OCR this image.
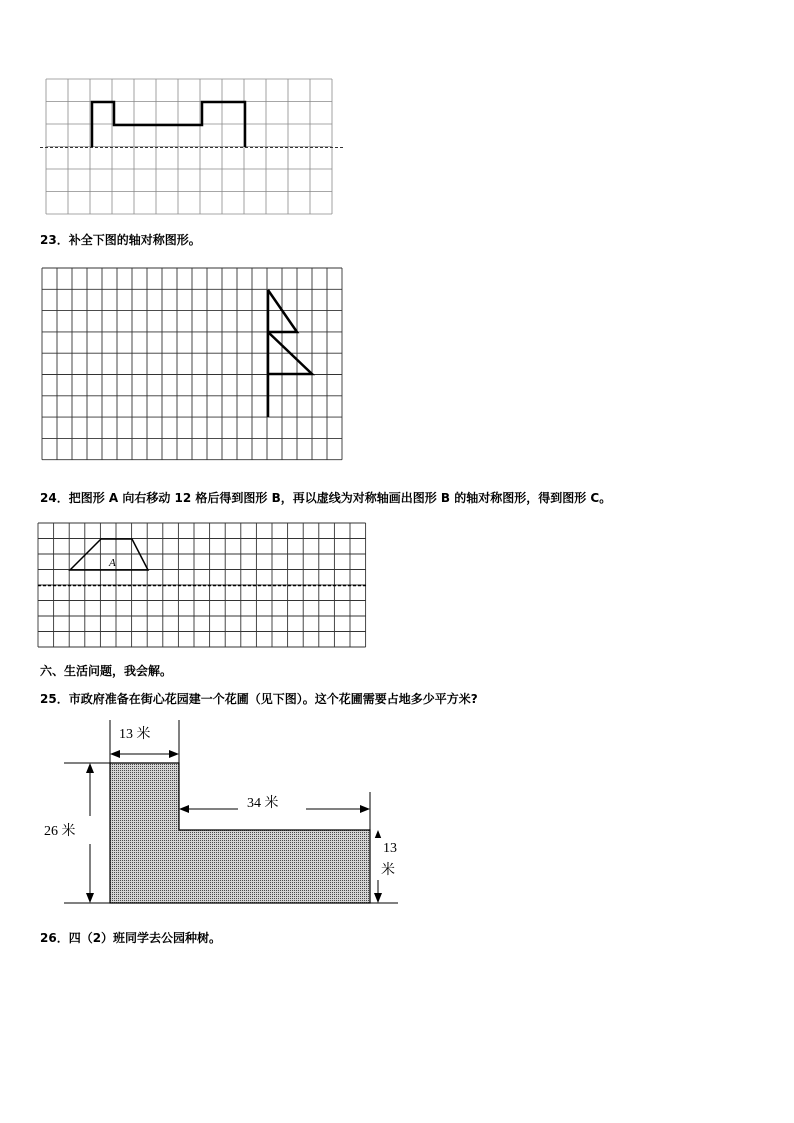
23．补全下图的轴对称图形。
24．把图形 A 向右移动 12 格后得到图形 B，再以虚线为对称轴画出图形 B 的轴对称图形，得到图形 C。
A
六、生活问题，我会解。
25．市政府准备在街心花园建一个花圃（见下图）。这个花圃需要占地多少平方米?
13 米
34 米
26 米
13
米
26．四（2）班同学去公园种树。
